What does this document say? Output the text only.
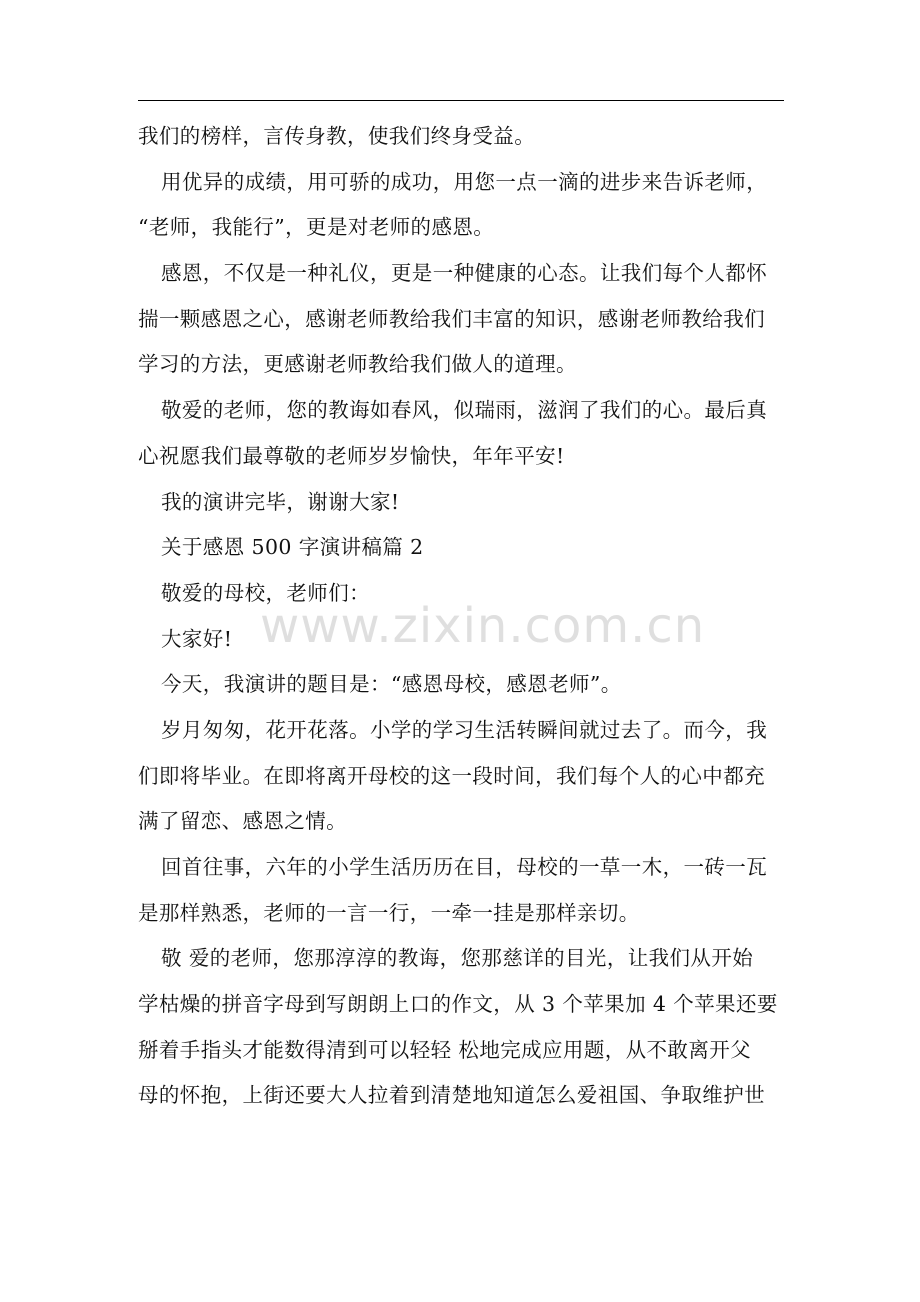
我们的榜样，言传身教，使我们终身受益。
用优异的成绩，用可骄的成功，用您一点一滴的进步来告诉老师，
“老师，我能行”，更是对老师的感恩。
感恩，不仅是一种礼仪，更是一种健康的心态。让我们每个人都怀
揣一颗感恩之心，感谢老师教给我们丰富的知识，感谢老师教给我们
学习的方法，更感谢老师教给我们做人的道理。
敬爱的老师，您的教诲如春风，似瑞雨，滋润了我们的心。最后真
心祝愿我们最尊敬的老师岁岁愉快，年年平安!
我的演讲完毕，谢谢大家!
关于感恩 500 字演讲稿篇 2
敬爱的母校，老师们：
大家好!
今天，我演讲的题目是：“感恩母校，感恩老师”。
岁月匆匆，花开花落。小学的学习生活转瞬间就过去了。而今，我
们即将毕业。在即将离开母校的这一段时间，我们每个人的心中都充
满了留恋、感恩之情。
回首往事，六年的小学生活历历在目，母校的一草一木，一砖一瓦
是那样熟悉，老师的一言一行，一牵一挂是那样亲切。
敬 爱的老师，您那淳淳的教诲，您那慈详的目光，让我们从开始
学枯燥的拼音字母到写朗朗上口的作文，从 3 个苹果加 4 个苹果还要
掰着手指头才能数得清到可以轻轻 松地完成应用题，从不敢离开父
母的怀抱，上街还要大人拉着到清楚地知道怎么爱祖国、争取维护世
www.zixin.com.cn
